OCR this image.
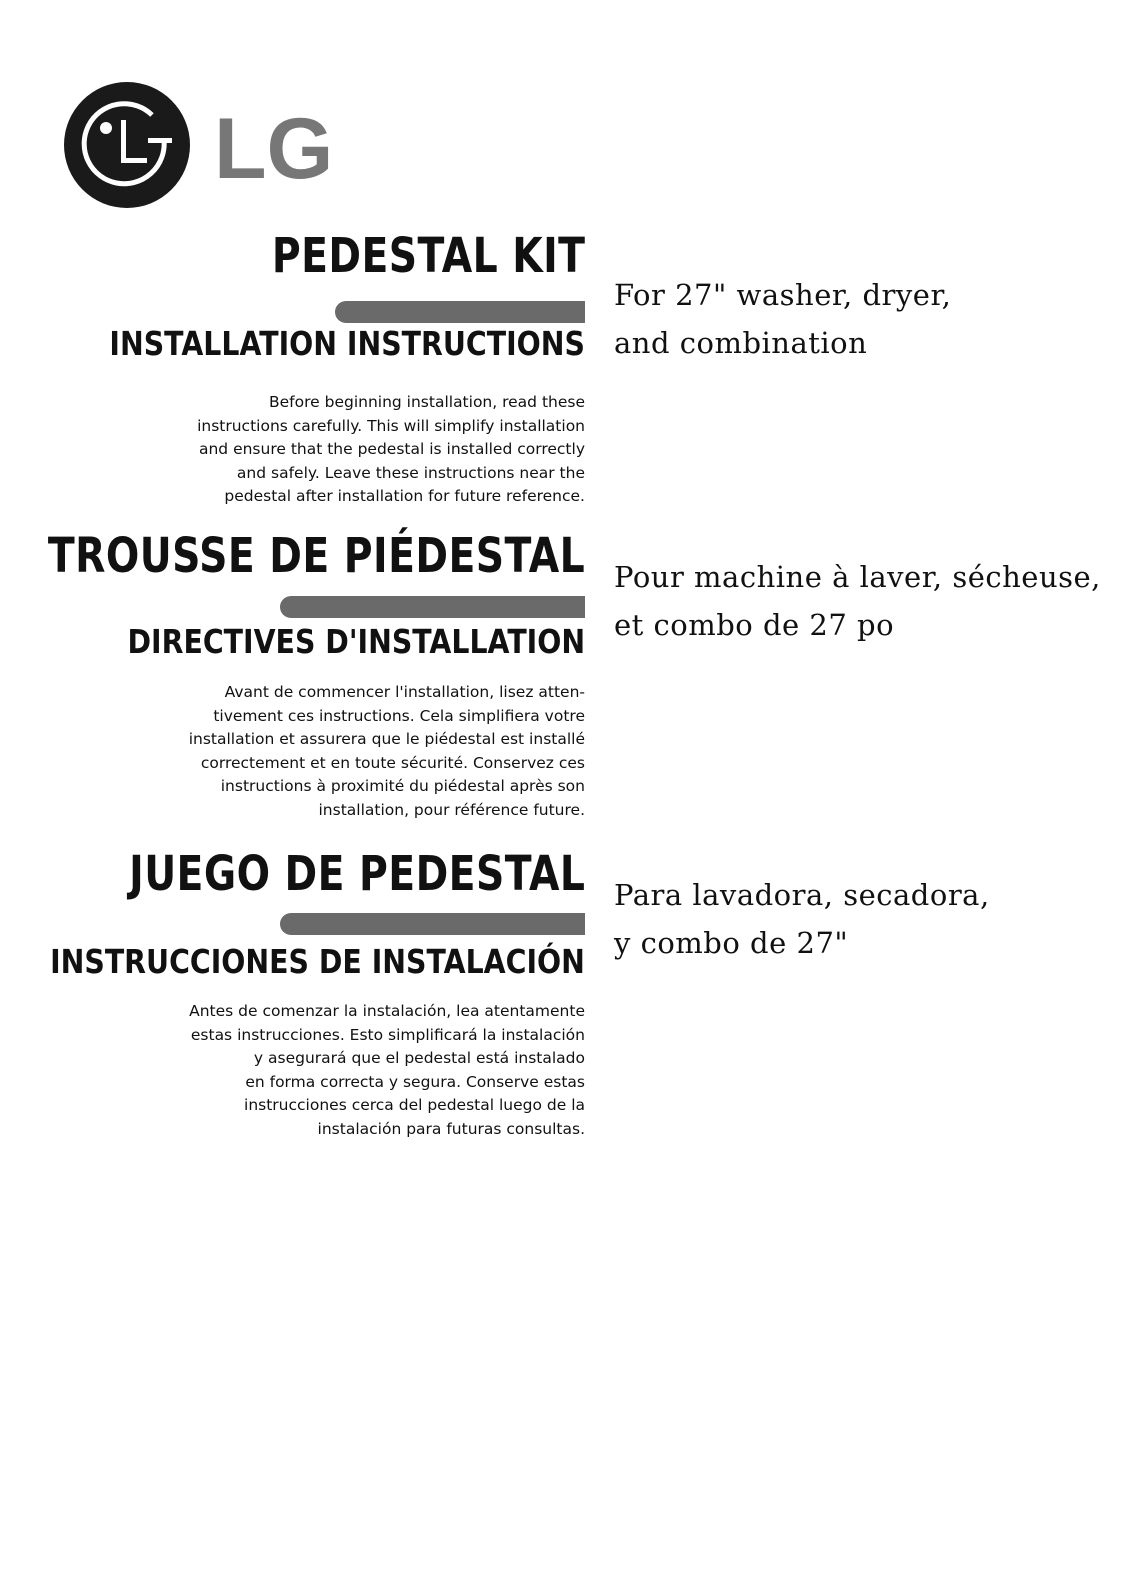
LG
PEDESTAL KIT
INSTALLATION INSTRUCTIONS
Before beginning installation, read these
instructions carefully. This will simplify installation
and ensure that the pedestal is installed correctly
and safely. Leave these instructions near the
pedestal after installation for future reference.
For 27" washer, dryer,
and combination
TROUSSE DE PIÉDESTAL
DIRECTIVES D'INSTALLATION
Avant de commencer l'installation, lisez atten-
tivement ces instructions. Cela simplifiera votre
installation et assurera que le piédestal est installé
correctement et en toute sécurité. Conservez ces
instructions à proximité du piédestal après son
installation, pour référence future.
Pour machine à laver, sécheuse,
et combo de 27 po
JUEGO DE PEDESTAL
INSTRUCCIONES DE INSTALACIÓN
Antes de comenzar la instalación, lea atentamente
estas instrucciones. Esto simplificará la instalación
y asegurará que el pedestal está instalado
en forma correcta y segura. Conserve estas
instrucciones cerca del pedestal luego de la
instalación para futuras consultas.
Para lavadora, secadora,
y combo de 27"
